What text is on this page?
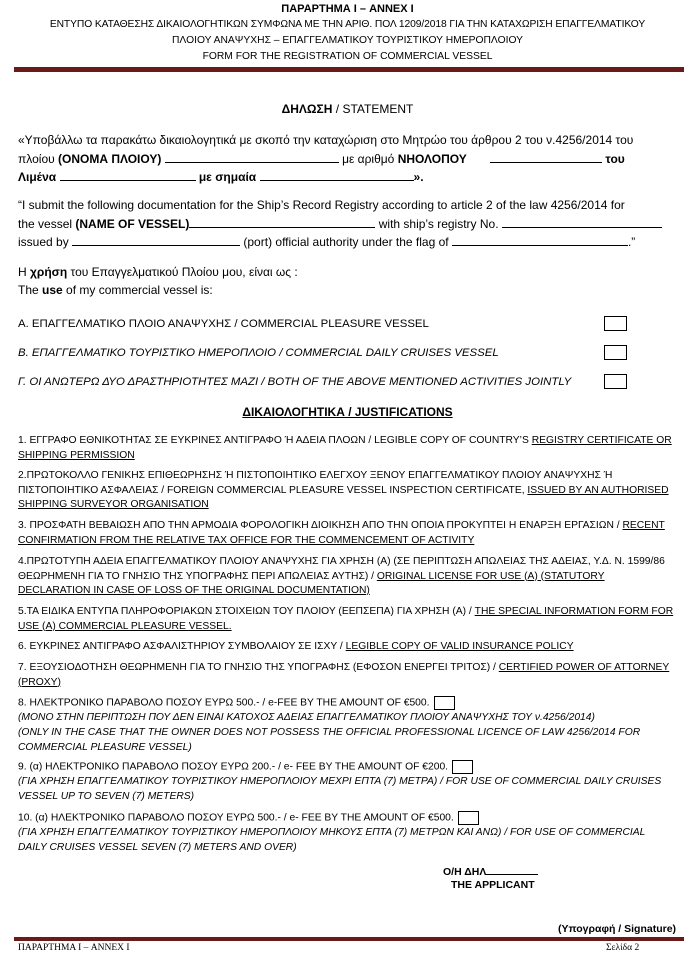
ΠΑΡΑΡΤΗΜΑ Ι – ANNEX I
ΕΝΤΥΠΟ ΚΑΤΑΘΕΣΗΣ ΔΙΚΑΙΟΛΟΓΗΤΙΚΩΝ ΣΥΜΦΩΝΑ ΜΕ ΤΗΝ ΑΡΙΘ. ΠΟΛ 1209/2018 ΓΙΑ ΤΗΝ ΚΑΤΑΧΩΡΙΣΗ ΕΠΑΓΓΕΛΜΑΤΙΚΟΥ
ΠΛΟΙΟΥ ΑΝΑΨΥΧΗΣ – ΕΠΑΓΓΕΛΜΑΤΙΚΟΥ ΤΟΥΡΙΣΤΙΚΟΥ ΗΜΕΡΟΠΛΟΙΟΥ
FORM FOR THE REGISTRATION OF COMMERCIAL VESSEL
ΔΗΛΩΣΗ / STATEMENT
«Υποβάλλω τα παρακάτω δικαιολογητικά με σκοπό την καταχώριση στο Μητρώο του άρθρου 2 του ν.4256/2014 του
πλοίου (ΟΝΟΜΑ ΠΛΟΙΟΥ)	με αριθμό ΝΗΟΛΟΠΟΥ	του
Λιμένα	με σημαία	».
“I submit the following documentation for the Ship’s Record Registry according to article 2 of the law 4256/2014 for
the vessel (NAME OF VESSEL)	with ship’s registry No.
issued by	(port) official authority under the flag of	.”
Η χρήση του Επαγγελματικού Πλοίου μου, είναι ως :
The use of my commercial vessel is:
Α. ΕΠΑΓΓΕΛΜΑΤΙΚΟ ΠΛΟΙΟ ΑΝΑΨΥΧΗΣ / COMMERCIAL PLEASURE VESSEL
Β. ΕΠΑΓΓΕΛΜΑΤΙΚΟ ΤΟΥΡΙΣΤΙΚΟ ΗΜΕΡΟΠΛΟΙΟ / COMMERCIAL DAILY CRUISES VESSEL
Γ. ΟΙ ΑΝΩΤΕΡΩ ΔΥΟ ΔΡΑΣΤΗΡΙΟΤΗΤΕΣ ΜΑΖΙ / BOTH OF THE ABOVE MENTIONED ACTIVITIES JOINTLY
ΔΙΚΑΙΟΛΟΓΗΤΙΚΑ / JUSTIFICATIONS
1. ΕΓΓΡΑΦΟ ΕΘΝΙΚΟΤΗΤΑΣ ΣΕ ΕΥΚΡΙΝΕΣ ΑΝΤΙΓΡΑΦΟ Ή ΑΔΕΙΑ ΠΛΟΩΝ / LEGIBLE COPY OF COUNTRY’S REGISTRY CERTIFICATE OR
SHIPPING PERMISSION
2.ΠΡΩΤΟΚΟΛΛΟ ΓΕΝΙΚΗΣ ΕΠΙΘΕΩΡΗΣΗΣ Ή ΠΙΣΤΟΠΟΙΗΤΙΚΟ ΕΛΕΓΧΟΥ ΞΕΝΟΥ ΕΠΑΓΓΕΛΜΑΤΙΚΟΥ ΠΛΟΙΟΥ ΑΝΑΨΥΧΗΣ Ή
ΠΙΣΤΟΠΟΙΗΤΙΚΟ ΑΣΦΑΛΕΙΑΣ / FOREIGN COMMERCIAL PLEASURE VESSEL INSPECTION CERTIFICATE, ISSUED BY AN AUTHORISED
SHIPPING SURVEYOR ORGANISATION
3. ΠΡΟΣΦΑΤΗ ΒΕΒΑΙΩΣΗ ΑΠΟ ΤΗΝ ΑΡΜΟΔΙΑ ΦΟΡΟΛΟΓΙΚΗ ΔΙΟΙΚΗΣΗ ΑΠΟ ΤΗΝ ΟΠΟΙΑ ΠΡΟΚΥΠΤΕΙ Η ΕΝΑΡΞΗ ΕΡΓΑΣΙΩΝ / RECENT
CONFIRMATION FROM THE RELATIVE TAX OFFICE FOR THE COMMENCEMENT OF ACTIVITY
4.ΠΡΩΤΟΤΥΠΗ ΑΔΕΙΑ ΕΠΑΓΓΕΛΜΑΤΙΚΟΥ ΠΛΟΙΟΥ ΑΝΑΨΥΧΗΣ ΓΙΑ ΧΡΗΣΗ (Α) (ΣΕ ΠΕΡΙΠΤΩΣΗ ΑΠΩΛΕΙΑΣ ΤΗΣ ΑΔΕΙΑΣ, Υ.Δ. Ν. 1599/86
ΘΕΩΡΗΜΕΝΗ ΓΙΑ ΤΟ ΓΝΗΣΙΟ ΤΗΣ ΥΠΟΓΡΑΦΗΣ ΠΕΡΙ ΑΠΩΛΕΙΑΣ ΑΥΤΗΣ) / ORIGINAL LICENSE FOR USE (A) (STATUTORY
DECLARATION IN CASE OF LOSS OF THE ORIGINAL DOCUMENTATION)
5.ΤΑ ΕΙΔΙΚΑ ΕΝΤΥΠΑ ΠΛΗΡΟΦΟΡΙΑΚΩΝ ΣΤΟΙΧΕΙΩΝ ΤΟΥ ΠΛΟΙΟΥ (ΕΕΠΣΕΠΑ) ΓΙΑ ΧΡΗΣΗ (Α) / THE SPECIAL INFORMATION FORM FOR
USE (A) COMMERCIAL PLEASURE VESSEL.
6. ΕΥΚΡΙΝΕΣ ΑΝΤΙΓΡΑΦΟ ΑΣΦΑΛΙΣΤΗΡΙΟΥ ΣΥΜΒΟΛΑΙΟΥ ΣΕ ΙΣΧΥ / LEGIBLE COPY OF VALID INSURANCE POLICY
7. ΕΞΟΥΣΙΟΔΟΤΗΣΗ ΘΕΩΡΗΜΕΝΗ ΓΙΑ ΤΟ ΓΝΗΣΙΟ ΤΗΣ ΥΠΟΓΡΑΦΗΣ (ΕΦΟΣΟΝ ΕΝΕΡΓΕΙ ΤΡΙΤΟΣ) / CERTIFIED POWER OF ATTORNEY
(PROXY)
8. ΗΛΕΚΤΡΟΝΙΚΟ ΠΑΡΑΒΟΛΟ ΠΟΣΟΥ ΕΥΡΩ 500.- / e-FEE BY THE AMOUNT OF €500.
(ΜΟΝΟ ΣΤΗΝ ΠΕΡΙΠΤΩΣΗ ΠΟΥ ΔΕΝ ΕΙΝΑΙ ΚΑΤΟΧΟΣ ΑΔΕΙΑΣ ΕΠΑΓΓΕΛΜΑΤΙΚΟΥ ΠΛΟΙΟΥ ΑΝΑΨΥΧΗΣ ΤΟΥ ν.4256/2014)
(ONLY IN THE CASE THAT THE OWNER DOES NOT POSSESS THE OFFICIAL PROFESSIONAL LICENCE OF LAW 4256/2014 FOR
COMMERCIAL PLEASURE VESSEL)
9. (α) ΗΛΕΚΤΡΟΝΙΚΟ ΠΑΡΑΒΟΛΟ ΠΟΣΟΥ ΕΥΡΩ 200.- / e- FEE BY THE AMOUNT OF €200.
(ΓΙΑ ΧΡΗΣΗ ΕΠΑΓΓΕΛΜΑΤΙΚΟΥ ΤΟΥΡΙΣΤΙΚΟΥ ΗΜΕΡΟΠΛΟΙΟΥ ΜΕΧΡΙ ΕΠΤΑ (7) ΜΕΤΡΑ) / FOR USE OF COMMERCIAL DAILY CRUISES
VESSEL UP TO SEVEN (7) METERS)
10. (α) ΗΛΕΚΤΡΟΝΙΚΟ ΠΑΡΑΒΟΛΟ ΠΟΣΟΥ ΕΥΡΩ 500.- / e- FEE BY THE AMOUNT OF €500.
(ΓΙΑ ΧΡΗΣΗ ΕΠΑΓΓΕΛΜΑΤΙΚΟΥ ΤΟΥΡΙΣΤΙΚΟΥ ΗΜΕΡΟΠΛΟΙΟΥ ΜΗΚΟΥΣ ΕΠΤΑ (7) ΜΕΤΡΩΝ ΚΑΙ ΑΝΩ) / FOR USE OF COMMERCIAL
DAILY CRUISES VESSEL SEVEN (7) METERS AND OVER)
Ο/Η ΔΗΛ
THE APPLICANT
(Υπογραφή / Signature)
ΠΑΡΑΡΤΗΜΑ Ι – ANNEX I	Σελίδα 2
